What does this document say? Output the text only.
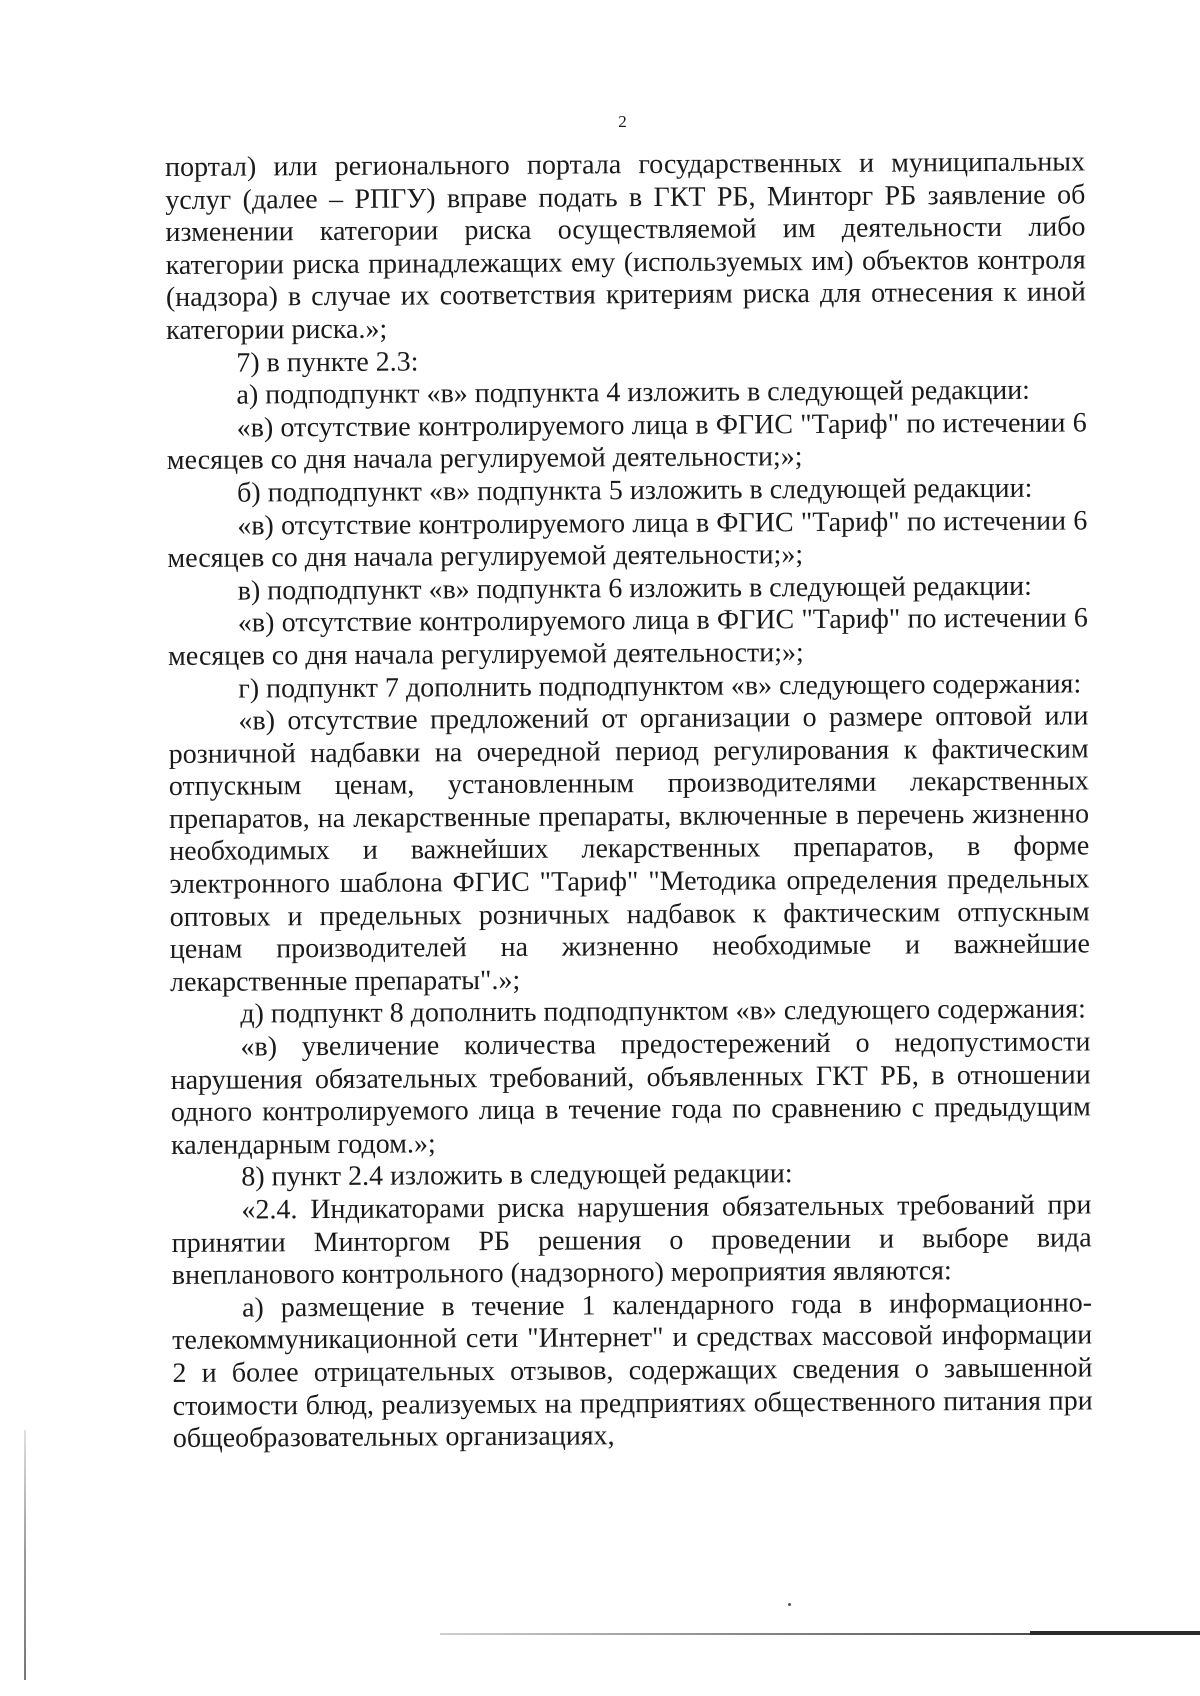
2

портал) или регионального портала государственных и муниципальных услуг (далее – РПГУ) вправе подать в ГКТ РБ, Минторг РБ заявление об изменении категории риска осуществляемой им деятельности либо категории риска принадлежащих ему (используемых им) объектов контроля (надзора) в случае их соответствия критериям риска для отнесения к иной категории риска.»;

7) в пункте 2.3:

а) подподпункт «в» подпункта 4 изложить в следующей редакции:

«в) отсутствие контролируемого лица в ФГИС "Тариф" по истечении 6 месяцев со дня начала регулируемой деятельности;»;

б) подподпункт «в» подпункта 5 изложить в следующей редакции:

«в) отсутствие контролируемого лица в ФГИС "Тариф" по истечении 6 месяцев со дня начала регулируемой деятельности;»;

в) подподпункт «в» подпункта 6 изложить в следующей редакции:

«в) отсутствие контролируемого лица в ФГИС "Тариф" по истечении 6 месяцев со дня начала регулируемой деятельности;»;

г) подпункт 7 дополнить подподпунктом «в» следующего содержания:

«в) отсутствие предложений от организации о размере оптовой или розничной надбавки на очередной период регулирования к фактическим отпускным ценам, установленным производителями лекарственных препаратов, на лекарственные препараты, включенные в перечень жизненно необходимых и важнейших лекарственных препаратов, в форме электронного шаблона ФГИС "Тариф" "Методика определения предельных оптовых и предельных розничных надбавок к фактическим отпускным ценам производителей на жизненно необходимые и важнейшие лекарственные препараты".»;

д) подпункт 8 дополнить подподпунктом «в» следующего содержания:

«в) увеличение количества предостережений о недопустимости нарушения обязательных требований, объявленных ГКТ РБ, в отношении одного контролируемого лица в течение года по сравнению с предыдущим календарным годом.»;

8) пункт 2.4 изложить в следующей редакции:

«2.4. Индикаторами риска нарушения обязательных требований при принятии Минторгом РБ решения о проведении и выборе вида внепланового контрольного (надзорного) мероприятия являются:

а) размещение в течение 1 календарного года в информационно-телекоммуникационной сети "Интернет" и средствах массовой информации 2 и более отрицательных отзывов, содержащих сведения о завышенной стоимости блюд, реализуемых на предприятиях общественного питания при общеобразовательных организациях,
